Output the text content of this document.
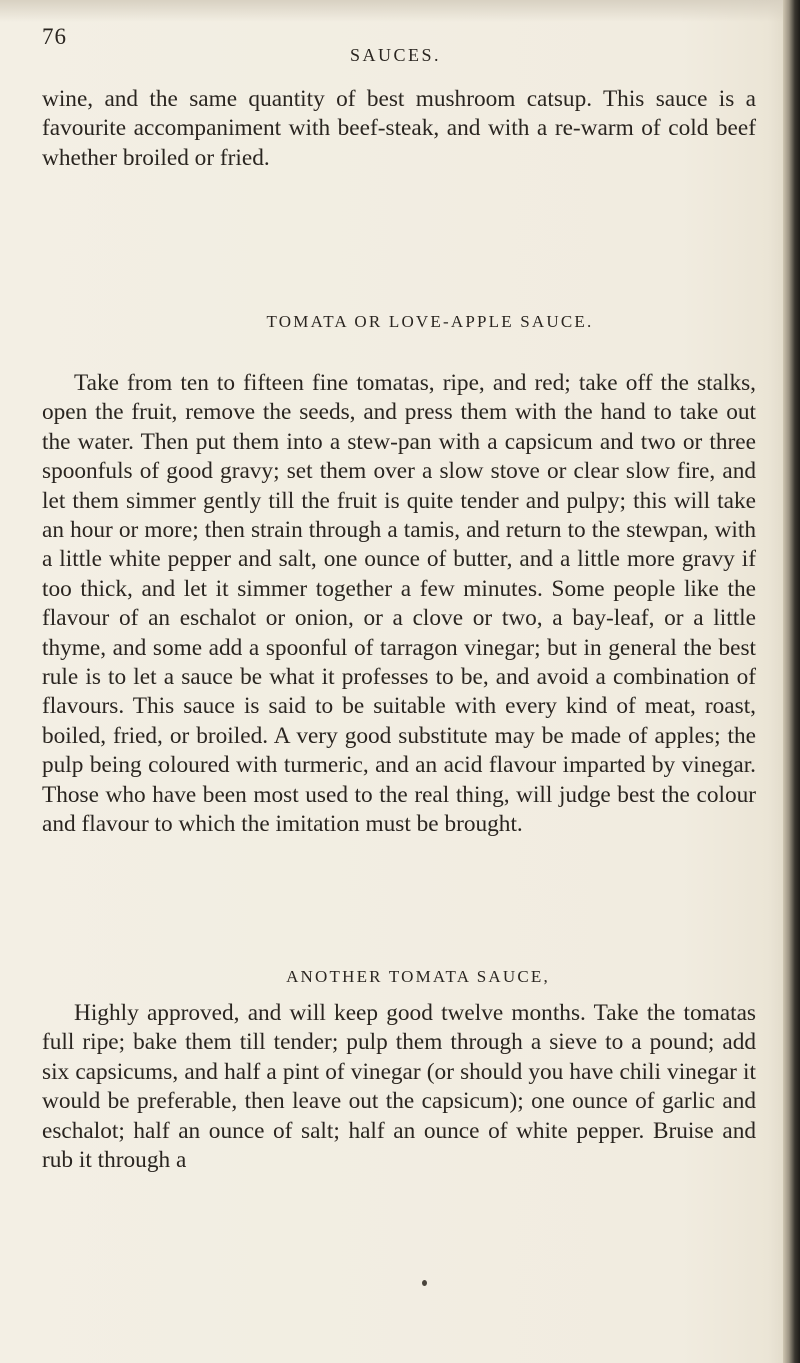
76
SAUCES.

wine, and the same quantity of best mushroom catsup. This sauce is a favourite accompaniment with beef-steak, and with a re-warm of cold beef whether broiled or fried.

TOMATA OR LOVE-APPLE SAUCE.

Take from ten to fifteen fine tomatas, ripe, and red; take off the stalks, open the fruit, remove the seeds, and press them with the hand to take out the water. Then put them into a stew-pan with a capsicum and two or three spoonfuls of good gravy; set them over a slow stove or clear slow fire, and let them simmer gently till the fruit is quite tender and pulpy; this will take an hour or more; then strain through a tamis, and return to the stewpan, with a little white pepper and salt, one ounce of butter, and a little more gravy if too thick, and let it simmer together a few minutes. Some people like the flavour of an eschalot or onion, or a clove or two, a bay-leaf, or a little thyme, and some add a spoonful of tarragon vinegar; but in general the best rule is to let a sauce be what it professes to be, and avoid a combination of flavours. This sauce is said to be suitable with every kind of meat, roast, boiled, fried, or broiled. A very good substitute may be made of apples; the pulp being coloured with turmeric, and an acid flavour imparted by vinegar. Those who have been most used to the real thing, will judge best the colour and flavour to which the imitation must be brought.

ANOTHER TOMATA SAUCE,

Highly approved, and will keep good twelve months. Take the tomatas full ripe; bake them till tender; pulp them through a sieve to a pound; add six capsicums, and half a pint of vinegar (or should you have chili vinegar it would be preferable, then leave out the capsicum); one ounce of garlic and eschalot; half an ounce of salt; half an ounce of white pepper. Bruise and rub it through a
